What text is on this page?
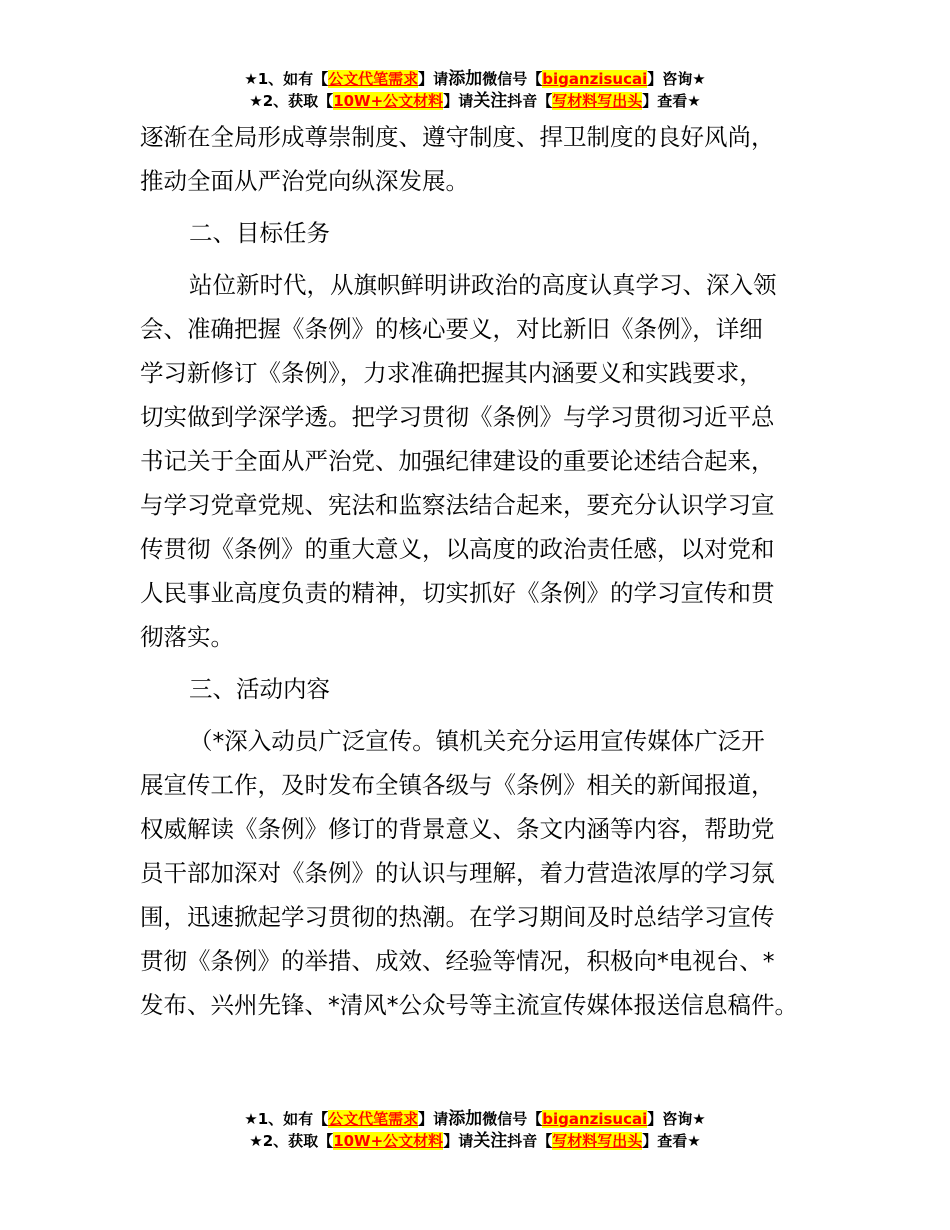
★1、如有【公文代笔需求】请添加微信号【biganzisucai】咨询★
★2、获取【10W+公文材料】请关注抖音【写材料写出头】查看★

逐渐在全局形成尊崇制度、遵守制度、捍卫制度的良好风尚，
推动全面从严治党向纵深发展。

二、目标任务

站位新时代，从旗帜鲜明讲政治的高度认真学习、深入领
会、准确把握《条例》的核心要义，对比新旧《条例》，详细
学习新修订《条例》，力求准确把握其内涵要义和实践要求，
切实做到学深学透。把学习贯彻《条例》与学习贯彻习近平总
书记关于全面从严治党、加强纪律建设的重要论述结合起来，
与学习党章党规、宪法和监察法结合起来，要充分认识学习宣
传贯彻《条例》的重大意义，以高度的政治责任感，以对党和
人民事业高度负责的精神，切实抓好《条例》的学习宣传和贯
彻落实。

三、活动内容

（*深入动员广泛宣传。镇机关充分运用宣传媒体广泛开
展宣传工作，及时发布全镇各级与《条例》相关的新闻报道，
权威解读《条例》修订的背景意义、条文内涵等内容，帮助党
员干部加深对《条例》的认识与理解，着力营造浓厚的学习氛
围，迅速掀起学习贯彻的热潮。在学习期间及时总结学习宣传
贯彻《条例》的举措、成效、经验等情况，积极向*电视台、*
发布、兴州先锋、*清风*公众号等主流宣传媒体报送信息稿件。

★1、如有【公文代笔需求】请添加微信号【biganzisucai】咨询★
★2、获取【10W+公文材料】请关注抖音【写材料写出头】查看★
